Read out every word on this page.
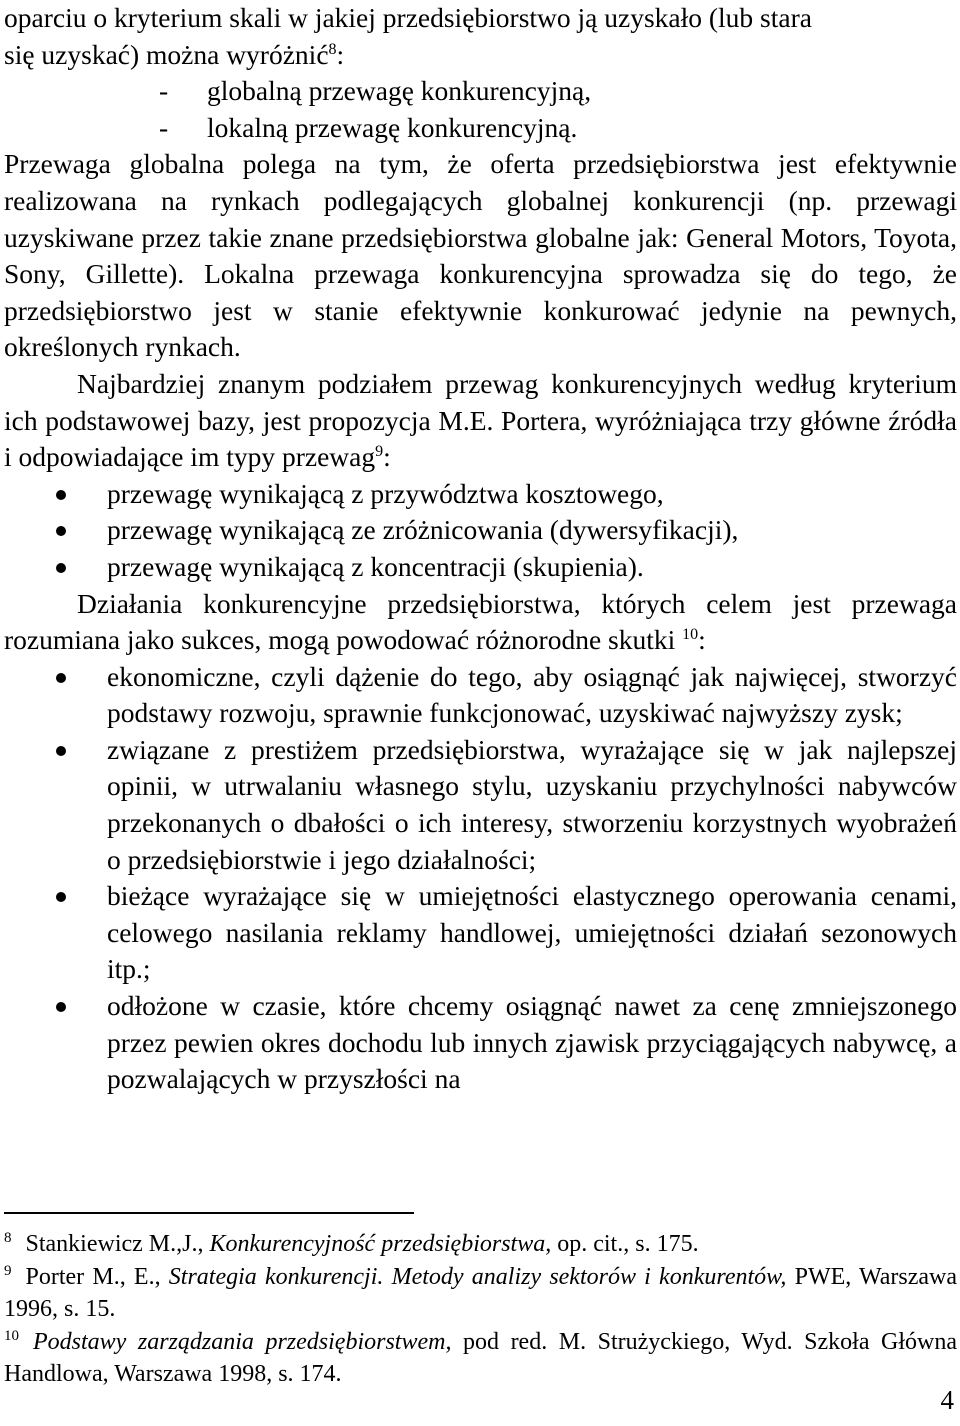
oparciu o kryterium skali w jakiej przedsiębiorstwo ją uzyskało (lub stara

się uzyskać) można wyróżnić$^8$:

- globalną przewagę konkurencyjną,
- lokalną przewagę konkurencyjną.

Przewaga globalna polega na tym, że oferta przedsiębiorstwa jest efektywnie realizowana na rynkach podlegających globalnej konkurencji (np. przewagi uzyskiwane przez takie znane przedsiębiorstwa globalne jak: General Motors, Toyota, Sony, Gillette). Lokalna przewaga konkurencyjna sprowadza się do tego, że przedsiębiorstwo jest w stanie efektywnie konkurować jedynie na pewnych, określonych rynkach.

Najbardziej znanym podziałem przewag konkurencyjnych według kryterium ich podstawowej bazy, jest propozycja M.E. Portera, wyróżniająca trzy główne źródła i odpowiadające im typy przewag$^9$:

przewagę wynikającą z przywództwa kosztowego,
przewagę wynikającą ze zróżnicowania (dywersyfikacji),
przewagę wynikającą z koncentracji (skupienia).

Działania konkurencyjne przedsiębiorstwa, których celem jest przewaga rozumiana jako sukces, mogą powodować różnorodne skutki $^{10}$:

ekonomiczne, czyli dążenie do tego, aby osiągnąć jak najwięcej, stworzyć podstawy rozwoju, sprawnie funkcjonować, uzyskiwać najwyższy zysk;
związane z prestiżem przedsiębiorstwa, wyrażające się w jak najlepszej opinii, w utrwalaniu własnego stylu, uzyskaniu przychylności nabywców przekonanych o dbałości o ich interesy, stworzeniu korzystnych wyobrażeń o przedsiębiorstwie i jego działalności;
bieżące wyrażające się w umiejętności elastycznego operowania cenami, celowego nasilania reklamy handlowej, umiejętności działań sezonowych itp.;
odłożone w czasie, które chcemy osiągnąć nawet za cenę zmniejszonego przez pewien okres dochodu lub innych zjawisk przyciągających nabywcę, a pozwalających w przyszłości na

$^8$ Stankiewicz M.,J., Konkurencyjność przedsiębiorstwa, op. cit., s. 175.

$^9$ Porter M., E., Strategia konkurencji. Metody analizy sektorów i konkurentów, PWE, Warszawa 1996, s. 15.

$^{10}$ Podstawy zarządzania przedsiębiorstwem, pod red. M. Strużyckiego, Wyd. Szkoła Główna Handlowa, Warszawa 1998, s. 174.

4
